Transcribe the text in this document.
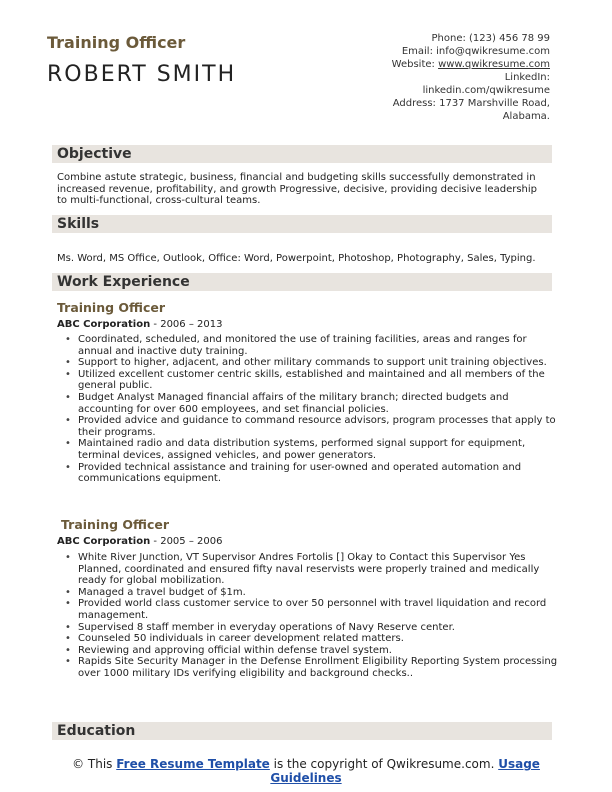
Training Officer
ROBERT SMITH
Phone: (123) 456 78 99
Email: info@qwikresume.com
Website: www.qwikresume.com
LinkedIn:
linkedin.com/qwikresume
Address: 1737 Marshville Road,
Alabama.
Objective
Combine astute strategic, business, financial and budgeting skills successfully demonstrated in increased revenue, profitability, and growth Progressive, decisive, providing decisive leadership to multi-functional, cross-cultural teams.
Skills
Ms. Word, MS Office, Outlook, Office: Word, Powerpoint, Photoshop, Photography, Sales, Typing.
Work Experience
Training Officer
ABC Corporation - 2006 – 2013
• Coordinated, scheduled, and monitored the use of training facilities, areas and ranges for annual and inactive duty training.
• Support to higher, adjacent, and other military commands to support unit training objectives.
• Utilized excellent customer centric skills, established and maintained and all members of the general public.
• Budget Analyst Managed financial affairs of the military branch; directed budgets and accounting for over 600 employees, and set financial policies.
• Provided advice and guidance to command resource advisors, program processes that apply to their programs.
• Maintained radio and data distribution systems, performed signal support for equipment, terminal devices, assigned vehicles, and power generators.
• Provided technical assistance and training for user-owned and operated automation and communications equipment.
Training Officer
ABC Corporation - 2005 – 2006
• White River Junction, VT Supervisor Andres Fortolis [] Okay to Contact this Supervisor Yes Planned, coordinated and ensured fifty naval reservists were properly trained and medically ready for global mobilization.
• Managed a travel budget of $1m.
• Provided world class customer service to over 50 personnel with travel liquidation and record management.
• Supervised 8 staff member in everyday operations of Navy Reserve center.
• Counseled 50 individuals in career development related matters.
• Reviewing and approving official within defense travel system.
• Rapids Site Security Manager in the Defense Enrollment Eligibility Reporting System processing over 1000 military IDs verifying eligibility and background checks..
Education
© This Free Resume Template is the copyright of Qwikresume.com. Usage
Guidelines
